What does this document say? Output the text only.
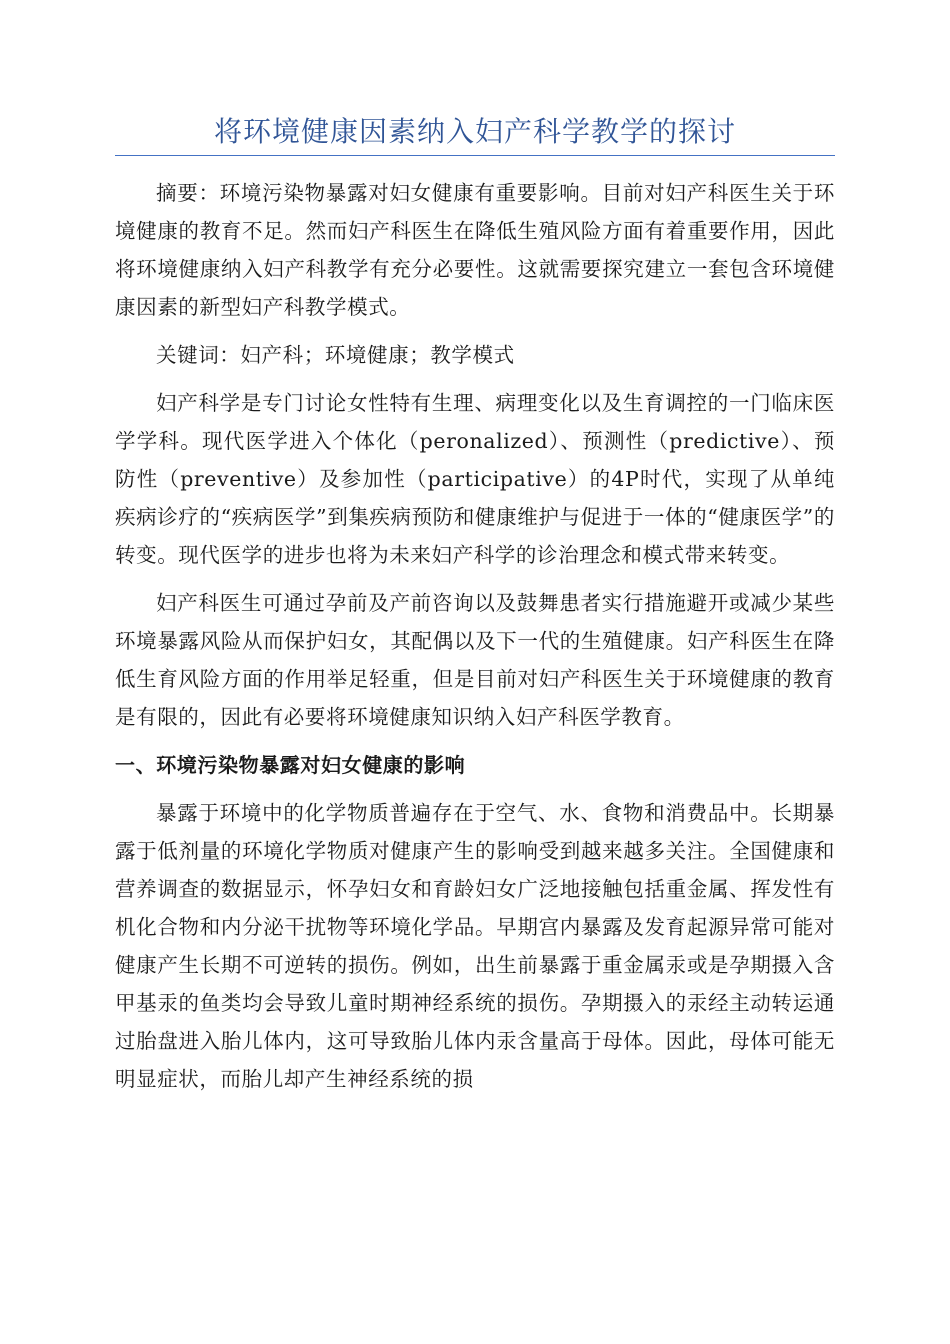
将环境健康因素纳入妇产科学教学的探讨

摘要：环境污染物暴露对妇女健康有重要影响。目前对妇产科医生关于环境健康的教育不足。然而妇产科医生在降低生殖风险方面有着重要作用，因此将环境健康纳入妇产科教学有充分必要性。这就需要探究建立一套包含环境健康因素的新型妇产科教学模式。

关键词：妇产科；环境健康；教学模式

妇产科学是专门讨论女性特有生理、病理变化以及生育调控的一门临床医学学科。现代医学进入个体化（peronalized）、预测性（predictive）、预防性（preventive）及参加性（participative）的4P时代，实现了从单纯疾病诊疗的“疾病医学”到集疾病预防和健康维护与促进于一体的“健康医学”的转变。现代医学的进步也将为未来妇产科学的诊治理念和模式带来转变。

妇产科医生可通过孕前及产前咨询以及鼓舞患者实行措施避开或减少某些环境暴露风险从而保护妇女，其配偶以及下一代的生殖健康。妇产科医生在降低生育风险方面的作用举足轻重，但是目前对妇产科医生关于环境健康的教育是有限的，因此有必要将环境健康知识纳入妇产科医学教育。

一、环境污染物暴露对妇女健康的影响

暴露于环境中的化学物质普遍存在于空气、水、食物和消费品中。长期暴露于低剂量的环境化学物质对健康产生的影响受到越来越多关注。全国健康和营养调查的数据显示，怀孕妇女和育龄妇女广泛地接触包括重金属、挥发性有机化合物和内分泌干扰物等环境化学品。早期宫内暴露及发育起源异常可能对健康产生长期不可逆转的损伤。例如，出生前暴露于重金属汞或是孕期摄入含甲基汞的鱼类均会导致儿童时期神经系统的损伤。孕期摄入的汞经主动转运通过胎盘进入胎儿体内，这可导致胎儿体内汞含量高于母体。因此，母体可能无明显症状，而胎儿却产生神经系统的损
